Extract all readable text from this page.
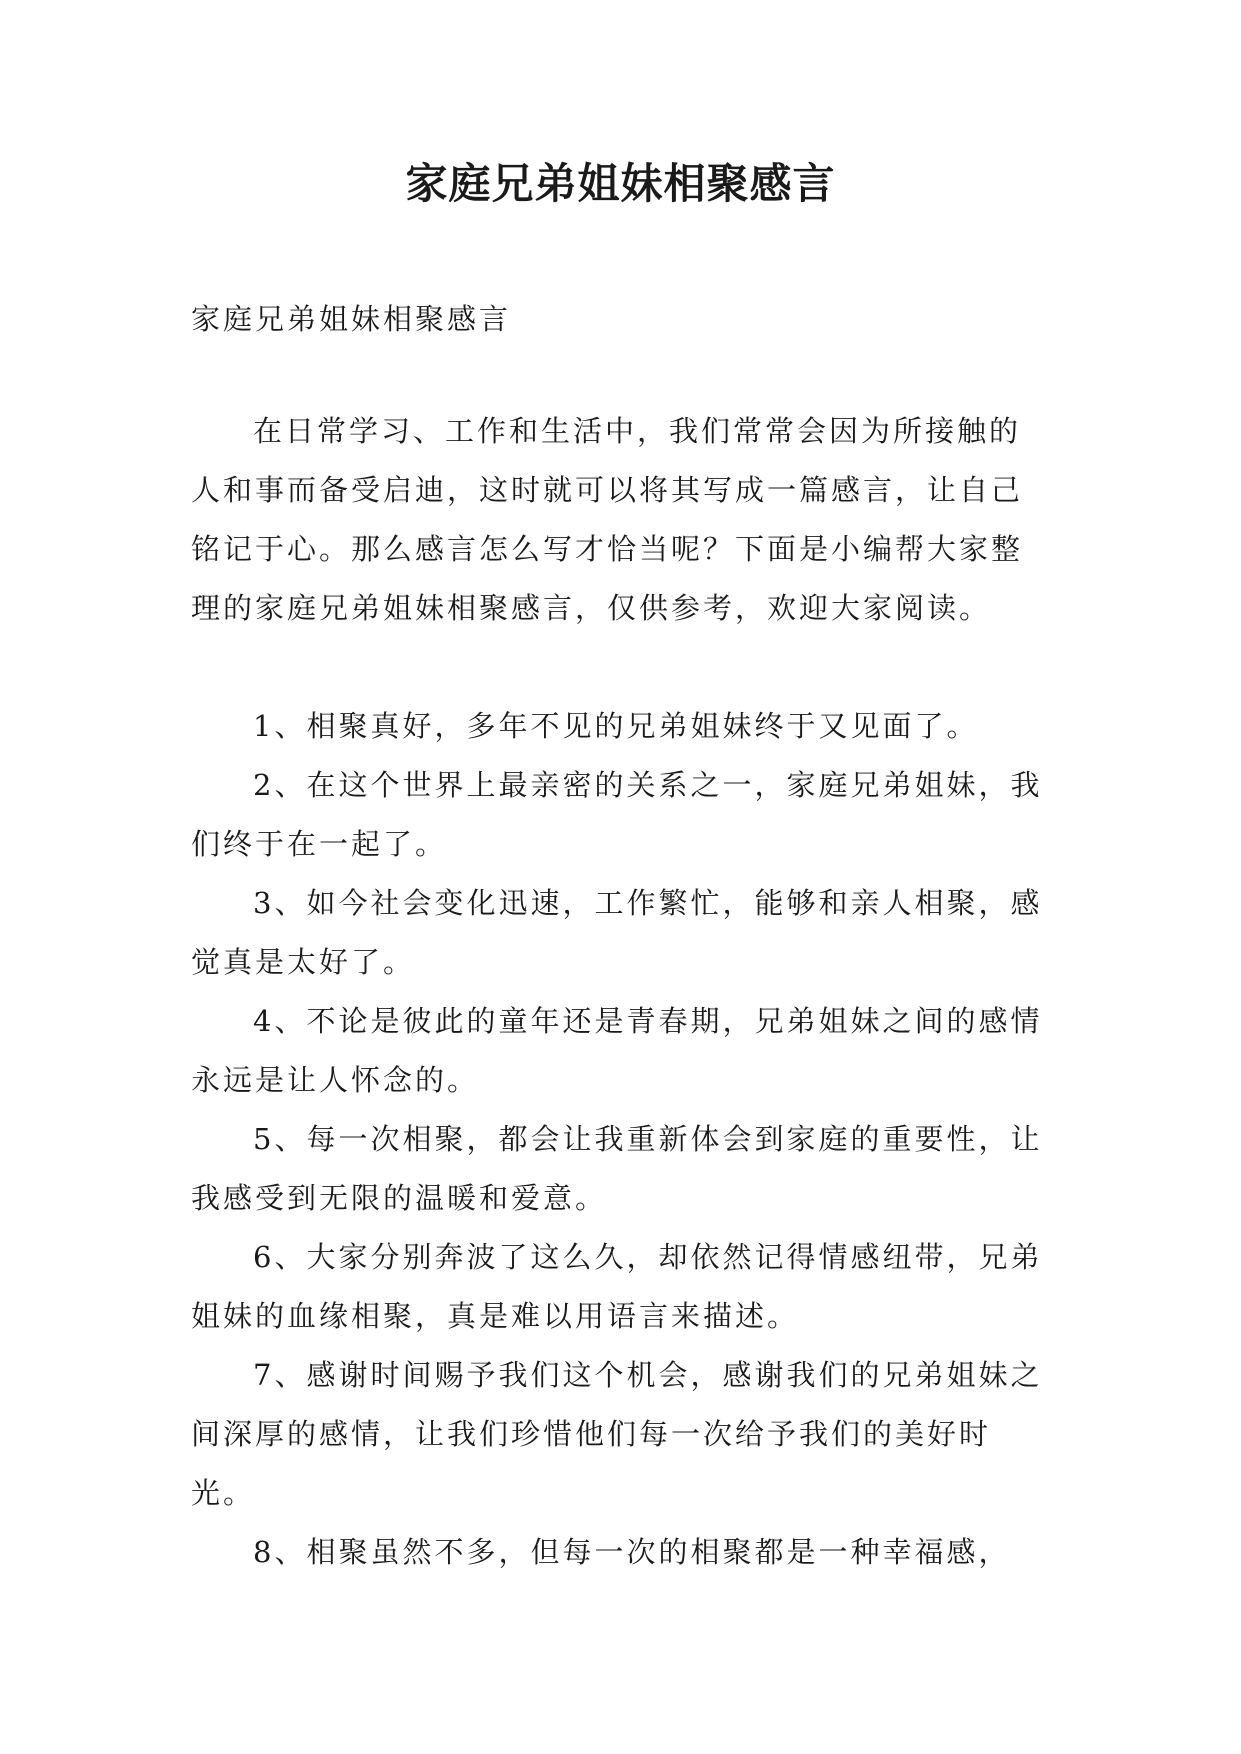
家庭兄弟姐妹相聚感言

家庭兄弟姐妹相聚感言

在日常学习、工作和生活中，我们常常会因为所接触的人和事而备受启迪，这时就可以将其写成一篇感言，让自己铭记于心。那么感言怎么写才恰当呢？下面是小编帮大家整理的家庭兄弟姐妹相聚感言，仅供参考，欢迎大家阅读。

1、相聚真好，多年不见的兄弟姐妹终于又见面了。
2、在这个世界上最亲密的关系之一，家庭兄弟姐妹，我们终于在一起了。
3、如今社会变化迅速，工作繁忙，能够和亲人相聚，感觉真是太好了。
4、不论是彼此的童年还是青春期，兄弟姐妹之间的感情永远是让人怀念的。
5、每一次相聚，都会让我重新体会到家庭的重要性，让我感受到无限的温暖和爱意。
6、大家分别奔波了这么久，却依然记得情感纽带，兄弟姐妹的血缘相聚，真是难以用语言来描述。
7、感谢时间赐予我们这个机会，感谢我们的兄弟姐妹之间深厚的感情，让我们珍惜他们每一次给予我们的美好时光。
8、相聚虽然不多，但每一次的相聚都是一种幸福感，
